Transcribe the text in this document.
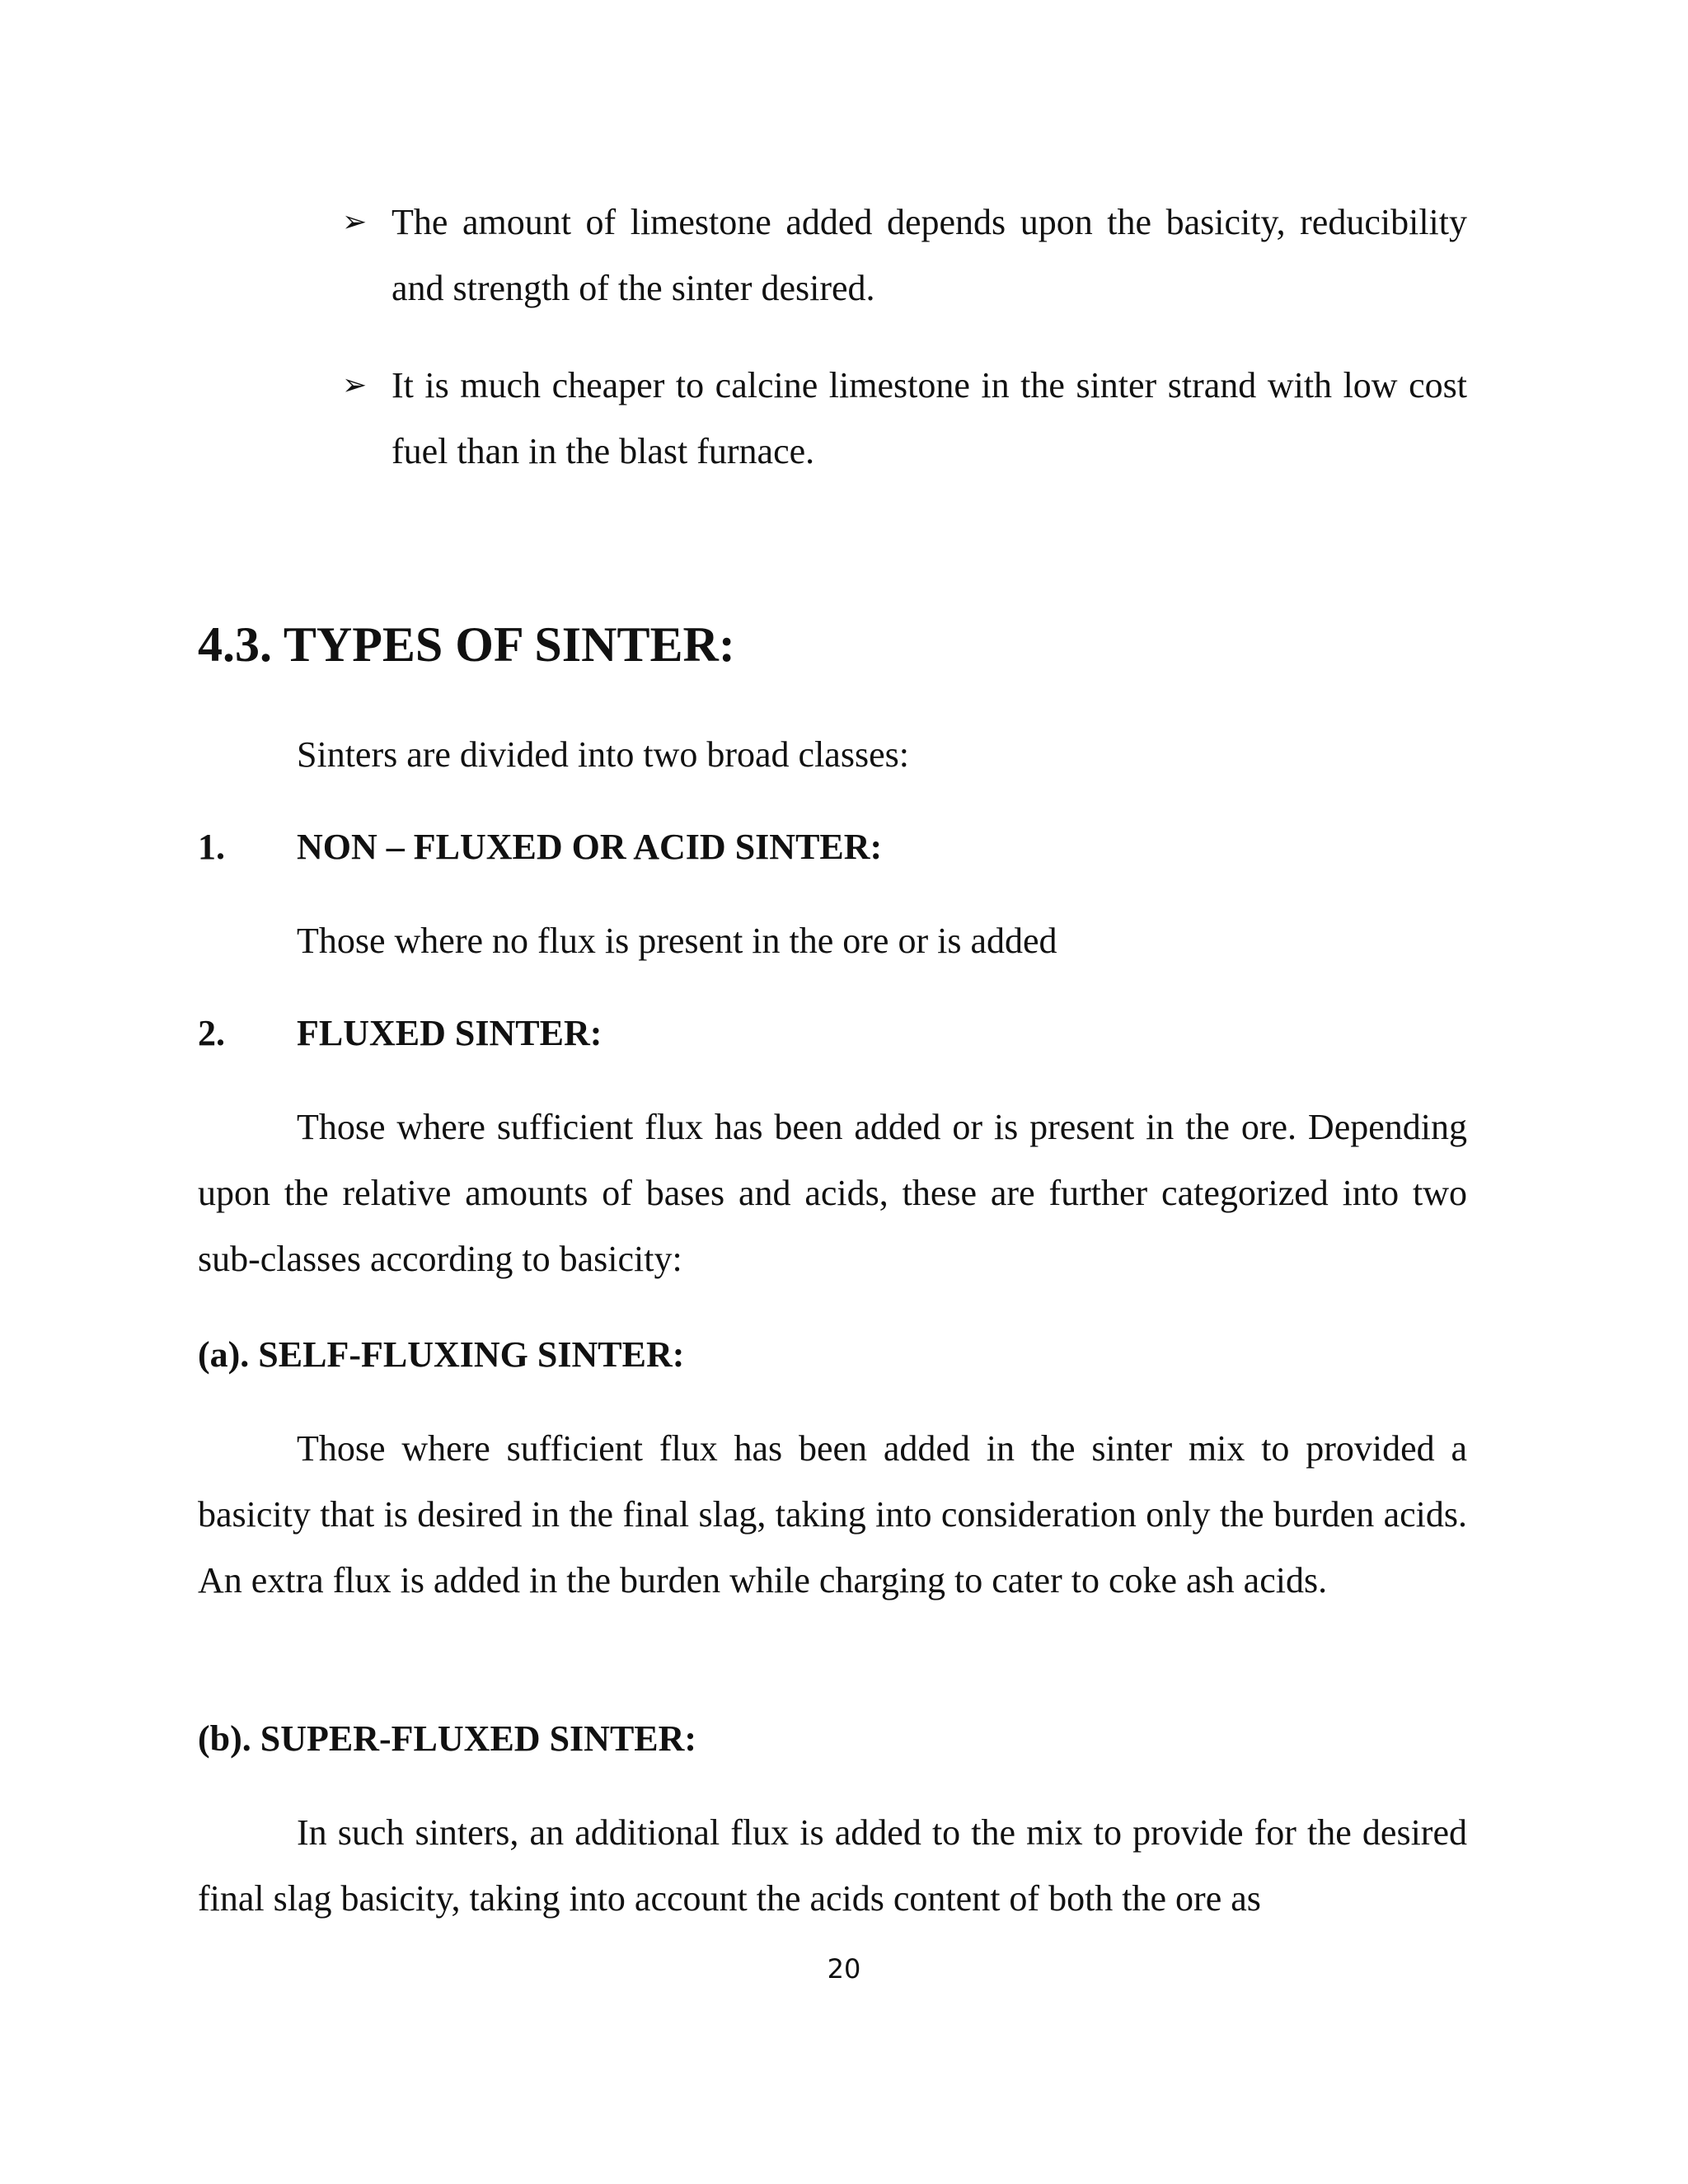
➢ The amount of limestone added depends upon the basicity, reducibility and strength of the sinter desired.
➢ It is much cheaper to calcine limestone in the sinter strand with low cost fuel than in the blast furnace.
4.3. TYPES OF SINTER:
Sinters are divided into two broad classes:
1. NON – FLUXED OR ACID SINTER:
Those where no flux is present in the ore or is added
2. FLUXED SINTER:
Those where sufficient flux has been added or is present in the ore. Depending upon the relative amounts of bases and acids, these are further categorized into two sub-classes according to basicity:
(a). SELF-FLUXING SINTER:
Those where sufficient flux has been added in the sinter mix to provided a basicity that is desired in the final slag, taking into consideration only the burden acids. An extra flux is added in the burden while charging to cater to coke ash acids.
(b). SUPER-FLUXED SINTER:
In such sinters, an additional flux is added to the mix to provide for the desired final slag basicity, taking into account the acids content of both the ore as
20
